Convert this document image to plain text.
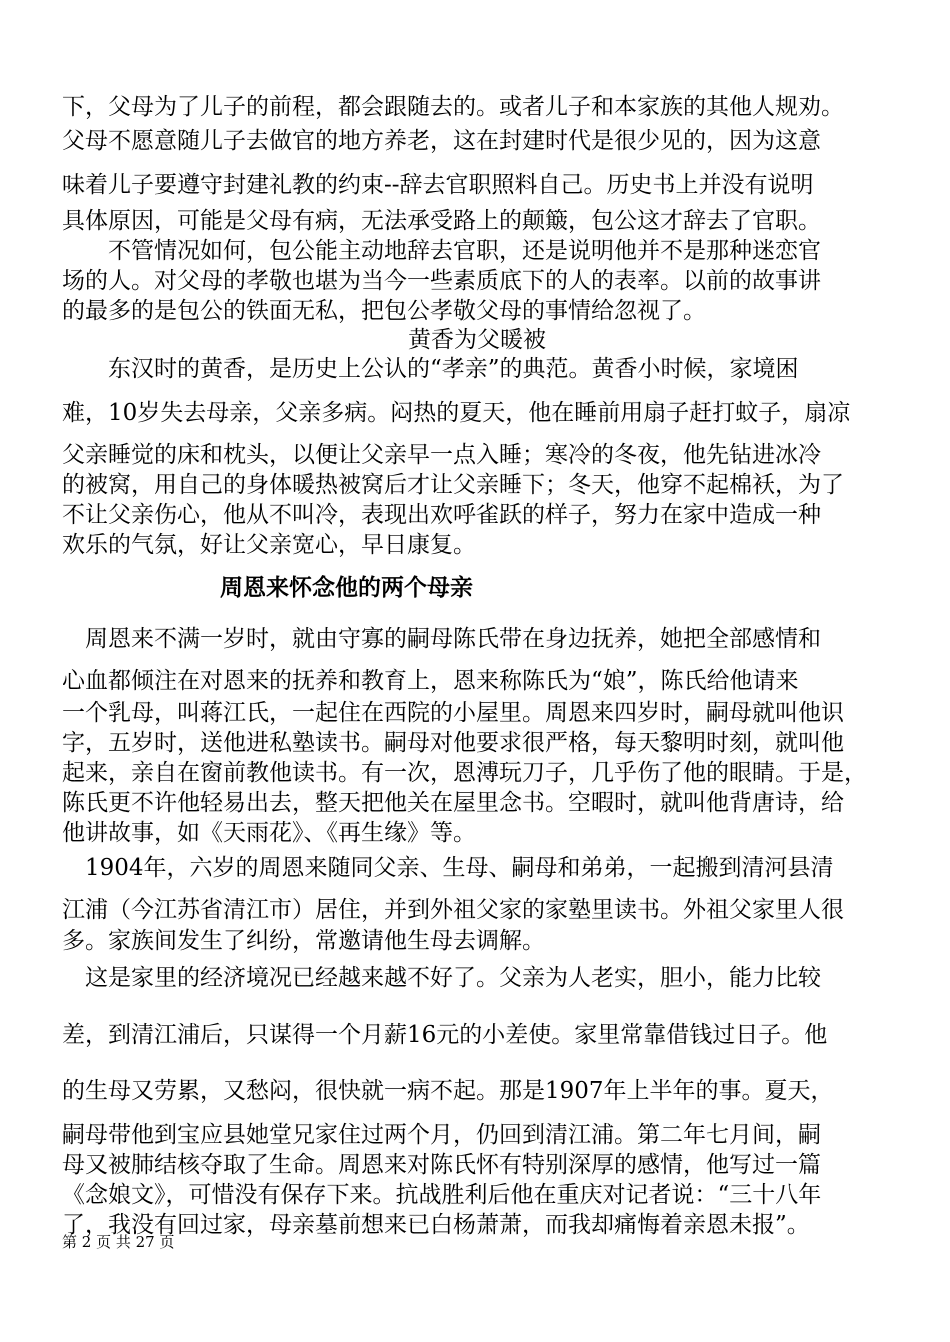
下，父母为了儿子的前程，都会跟随去的。或者儿子和本家族的其他人规劝。
父母不愿意随儿子去做官的地方养老，这在封建时代是很少见的，因为这意
味着儿子要遵守封建礼教的约束--辞去官职照料自己。历史书上并没有说明
具体原因，可能是父母有病，无法承受路上的颠簸，包公这才辞去了官职。
　　不管情况如何，包公能主动地辞去官职，还是说明他并不是那种迷恋官
场的人。对父母的孝敬也堪为当今一些素质底下的人的表率。以前的故事讲
的最多的是包公的铁面无私，把包公孝敬父母的事情给忽视了。
黄香为父暖被
　　东汉时的黄香，是历史上公认的“孝亲”的典范。黄香小时候，家境困
难，10岁失去母亲，父亲多病。闷热的夏天，他在睡前用扇子赶打蚊子，扇凉
父亲睡觉的床和枕头，以便让父亲早一点入睡；寒冷的冬夜，他先钻进冰冷
的被窝，用自己的身体暖热被窝后才让父亲睡下；冬天，他穿不起棉袄，为了
不让父亲伤心，他从不叫冷，表现出欢呼雀跃的样子，努力在家中造成一种
欢乐的气氛，好让父亲宽心，早日康复。
周恩来怀念他的两个母亲
　周恩来不满一岁时，就由守寡的嗣母陈氏带在身边抚养，她把全部感情和
心血都倾注在对恩来的抚养和教育上，恩来称陈氏为“娘”，陈氏给他请来
一个乳母，叫蒋江氏，一起住在西院的小屋里。周恩来四岁时，嗣母就叫他识
字，五岁时，送他进私塾读书。嗣母对他要求很严格，每天黎明时刻，就叫他
起来，亲自在窗前教他读书。有一次，恩溥玩刀子，几乎伤了他的眼睛。于是，
陈氏更不许他轻易出去，整天把他关在屋里念书。空暇时，就叫他背唐诗，给
他讲故事，如《天雨花》、《再生缘》等。
　1904年，六岁的周恩来随同父亲、生母、嗣母和弟弟，一起搬到清河县清
江浦（今江苏省清江市）居住，并到外祖父家的家塾里读书。外祖父家里人很
多。家族间发生了纠纷，常邀请他生母去调解。
　这是家里的经济境况已经越来越不好了。父亲为人老实，胆小，能力比较
差，到清江浦后，只谋得一个月薪16元的小差使。家里常靠借钱过日子。他
的生母又劳累，又愁闷，很快就一病不起。那是1907年上半年的事。夏天，
嗣母带他到宝应县她堂兄家住过两个月，仍回到清江浦。第二年七月间，嗣
母又被肺结核夺取了生命。周恩来对陈氏怀有特别深厚的感情，他写过一篇
《念娘文》，可惜没有保存下来。抗战胜利后他在重庆对记者说：“三十八年
了，我没有回过家，母亲墓前想来已白杨萧萧，而我却痛悔着亲恩未报”。
第 2 页 共 27 页
